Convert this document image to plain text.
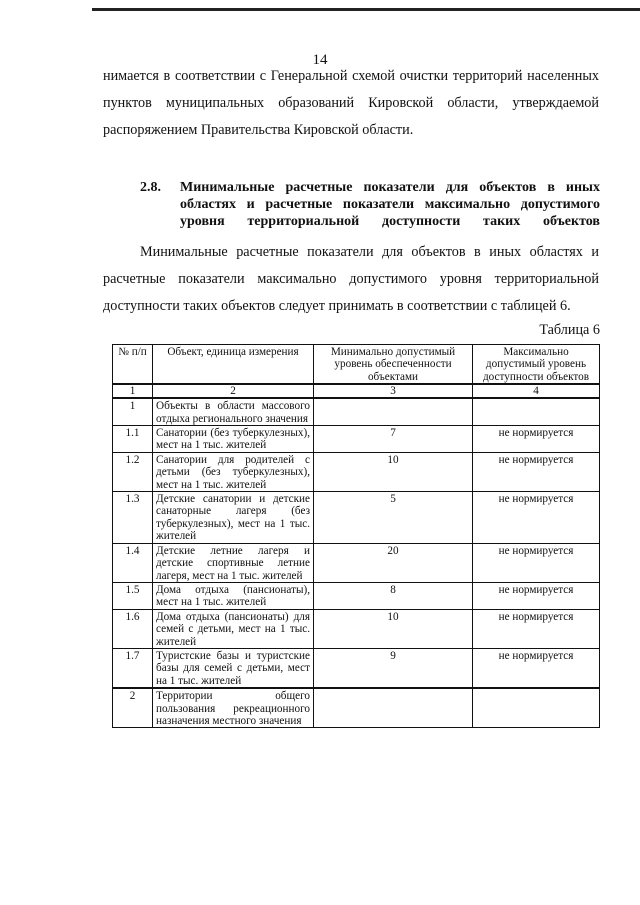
14
нимается в соответствии с Генеральной схемой очистки территорий населенных пунктов муниципальных образований Кировской области, утверждаемой распоряжением Правительства Кировской области.
2.8. Минимальные расчетные показатели для объектов в иных областях и расчетные показатели максимально допустимого уровня территориальной доступности таких объектов
Минимальные расчетные показатели для объектов в иных областях и расчетные показатели максимально допустимого уровня территориальной доступности таких объектов следует принимать в соответствии с таблицей 6.
Таблица 6
№ п/п	Объект, единица измерения	Минимально допустимый уровень обеспеченности объектами	Максимально допустимый уровень доступности объектов
1	2	3	4
1	Объекты в области массового отдыха регионального значения		
1.1	Санатории (без туберкулезных), мест на 1 тыс. жителей	7	не нормируется
1.2	Санатории для родителей с детьми (без туберкулезных), мест на 1 тыс. жителей	10	не нормируется
1.3	Детские санатории и детские санаторные лагеря (без туберкулезных), мест на 1 тыс. жителей	5	не нормируется
1.4	Детские летние лагеря и детские спортивные летние лагеря, мест на 1 тыс. жителей	20	не нормируется
1.5	Дома отдыха (пансионаты), мест на 1 тыс. жителей	8	не нормируется
1.6	Дома отдыха (пансионаты) для семей с детьми, мест на 1 тыс. жителей	10	не нормируется
1.7	Туристские базы и туристские базы для семей с детьми, мест на 1 тыс. жителей	9	не нормируется
2	Территории общего пользования рекреационного назначения местного значения		
